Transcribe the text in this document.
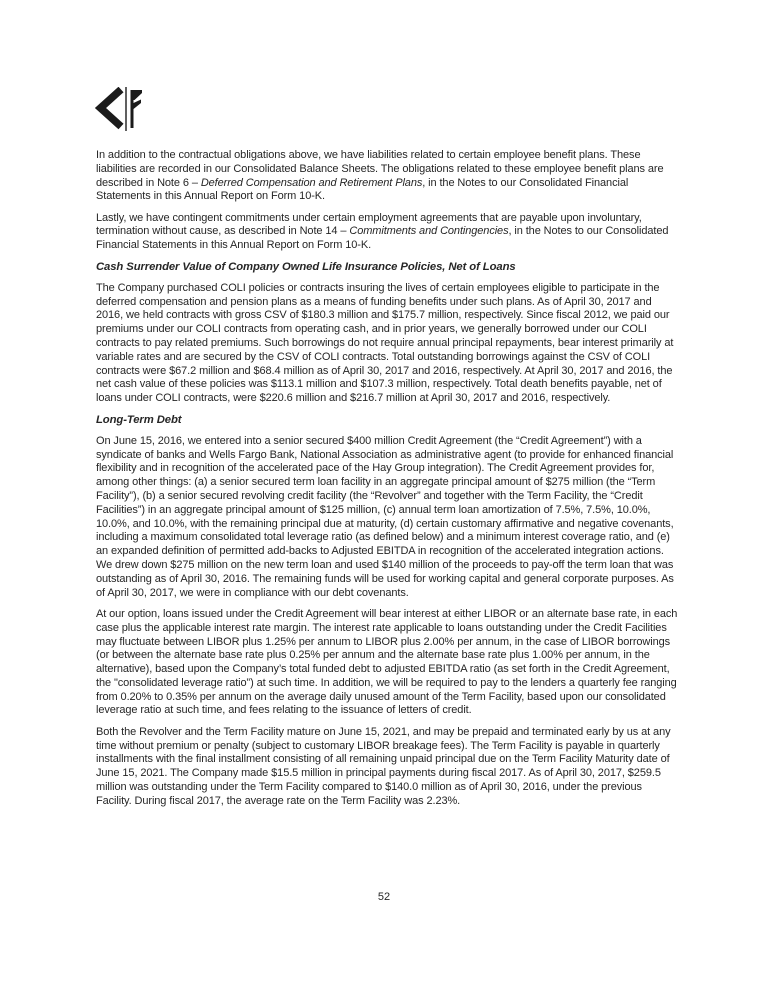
In addition to the contractual obligations above, we have liabilities related to certain employee benefit plans. These liabilities are recorded in our Consolidated Balance Sheets. The obligations related to these employee benefit plans are described in Note 6 – Deferred Compensation and Retirement Plans, in the Notes to our Consolidated Financial Statements in this Annual Report on Form 10-K.

Lastly, we have contingent commitments under certain employment agreements that are payable upon involuntary, termination without cause, as described in Note 14 – Commitments and Contingencies, in the Notes to our Consolidated Financial Statements in this Annual Report on Form 10-K.

Cash Surrender Value of Company Owned Life Insurance Policies, Net of Loans

The Company purchased COLI policies or contracts insuring the lives of certain employees eligible to participate in the deferred compensation and pension plans as a means of funding benefits under such plans. As of April 30, 2017 and 2016, we held contracts with gross CSV of $180.3 million and $175.7 million, respectively. Since fiscal 2012, we paid our premiums under our COLI contracts from operating cash, and in prior years, we generally borrowed under our COLI contracts to pay related premiums. Such borrowings do not require annual principal repayments, bear interest primarily at variable rates and are secured by the CSV of COLI contracts. Total outstanding borrowings against the CSV of COLI contracts were $67.2 million and $68.4 million as of April 30, 2017 and 2016, respectively. At April 30, 2017 and 2016, the net cash value of these policies was $113.1 million and $107.3 million, respectively. Total death benefits payable, net of loans under COLI contracts, were $220.6 million and $216.7 million at April 30, 2017 and 2016, respectively.

Long-Term Debt

On June 15, 2016, we entered into a senior secured $400 million Credit Agreement (the “Credit Agreement”) with a syndicate of banks and Wells Fargo Bank, National Association as administrative agent (to provide for enhanced financial flexibility and in recognition of the accelerated pace of the Hay Group integration). The Credit Agreement provides for, among other things: (a) a senior secured term loan facility in an aggregate principal amount of $275 million (the “Term Facility”), (b) a senior secured revolving credit facility (the “Revolver” and together with the Term Facility, the “Credit Facilities”) in an aggregate principal amount of $125 million, (c) annual term loan amortization of 7.5%, 7.5%, 10.0%, 10.0%, and 10.0%, with the remaining principal due at maturity, (d) certain customary affirmative and negative covenants, including a maximum consolidated total leverage ratio (as defined below) and a minimum interest coverage ratio, and (e) an expanded definition of permitted add-backs to Adjusted EBITDA in recognition of the accelerated integration actions. We drew down $275 million on the new term loan and used $140 million of the proceeds to pay-off the term loan that was outstanding as of April 30, 2016. The remaining funds will be used for working capital and general corporate purposes. As of April 30, 2017, we were in compliance with our debt covenants.

At our option, loans issued under the Credit Agreement will bear interest at either LIBOR or an alternate base rate, in each case plus the applicable interest rate margin. The interest rate applicable to loans outstanding under the Credit Facilities may fluctuate between LIBOR plus 1.25% per annum to LIBOR plus 2.00% per annum, in the case of LIBOR borrowings (or between the alternate base rate plus 0.25% per annum and the alternate base rate plus 1.00% per annum, in the alternative), based upon the Company’s total funded debt to adjusted EBITDA ratio (as set forth in the Credit Agreement, the "consolidated leverage ratio”) at such time. In addition, we will be required to pay to the lenders a quarterly fee ranging from 0.20% to 0.35% per annum on the average daily unused amount of the Term Facility, based upon our consolidated leverage ratio at such time, and fees relating to the issuance of letters of credit.

Both the Revolver and the Term Facility mature on June 15, 2021, and may be prepaid and terminated early by us at any time without premium or penalty (subject to customary LIBOR breakage fees). The Term Facility is payable in quarterly installments with the final installment consisting of all remaining unpaid principal due on the Term Facility Maturity date of June 15, 2021. The Company made $15.5 million in principal payments during fiscal 2017. As of April 30, 2017, $259.5 million was outstanding under the Term Facility compared to $140.0 million as of April 30, 2016, under the previous Facility. During fiscal 2017, the average rate on the Term Facility was 2.23%.

52
